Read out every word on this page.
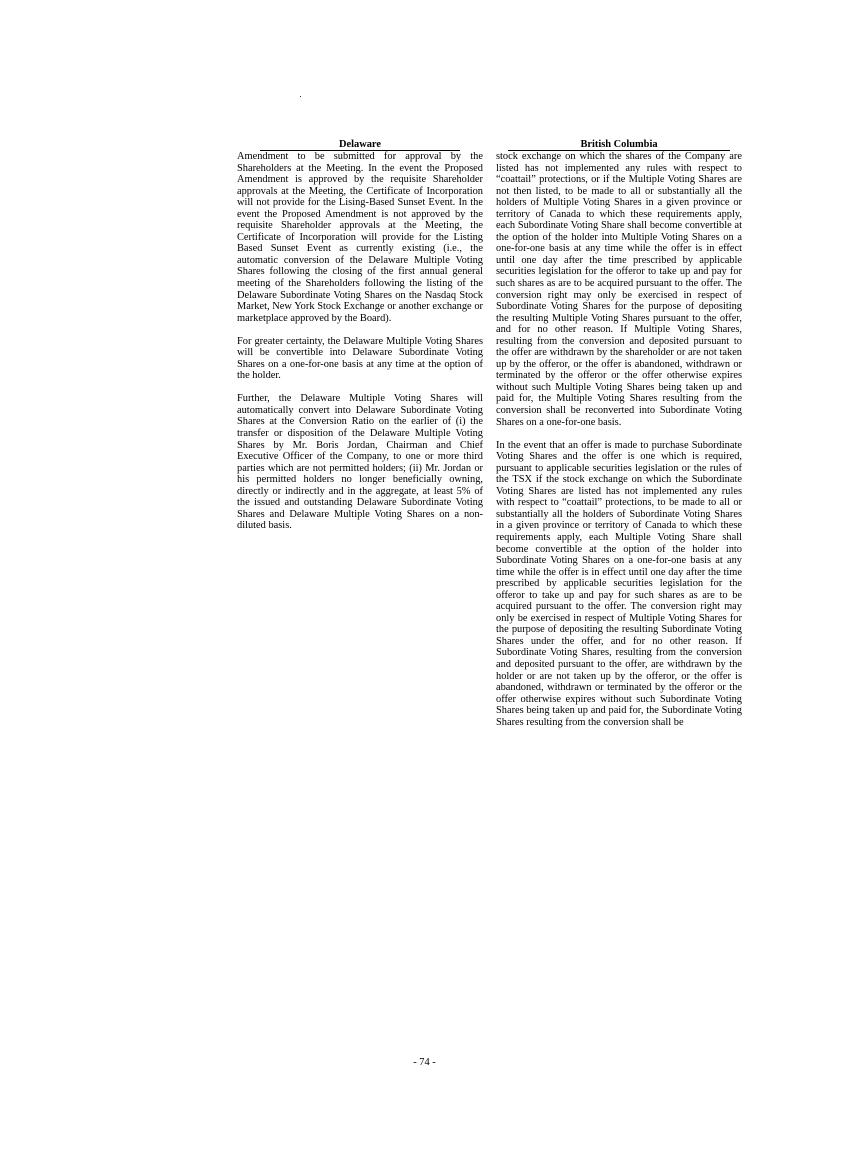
Delaware

Amendment to be submitted for approval by the Shareholders at the Meeting. In the event the Proposed Amendment is approved by the requisite Shareholder approvals at the Meeting, the Certificate of Incorporation will not provide for the Lising-Based Sunset Event. In the event the Proposed Amendment is not approved by the requisite Shareholder approvals at the Meeting, the Certificate of Incorporation will provide for the Listing Based Sunset Event as currently existing (i.e., the automatic conversion of the Delaware Multiple Voting Shares following the closing of the first annual general meeting of the Shareholders following the listing of the Delaware Subordinate Voting Shares on the Nasdaq Stock Market, New York Stock Exchange or another exchange or marketplace approved by the Board).

For greater certainty, the Delaware Multiple Voting Shares will be convertible into Delaware Subordinate Voting Shares on a one-for-one basis at any time at the option of the holder.

Further, the Delaware Multiple Voting Shares will automatically convert into Delaware Subordinate Voting Shares at the Conversion Ratio on the earlier of (i) the transfer or disposition of the Delaware Multiple Voting Shares by Mr. Boris Jordan, Chairman and Chief Executive Officer of the Company, to one or more third parties which are not permitted holders; (ii) Mr. Jordan or his permitted holders no longer beneficially owning, directly or indirectly and in the aggregate, at least 5% of the issued and outstanding Delaware Subordinate Voting Shares and Delaware Multiple Voting Shares on a non-diluted basis.

British Columbia

stock exchange on which the shares of the Company are listed has not implemented any rules with respect to “coattail” protections, or if the Multiple Voting Shares are not then listed, to be made to all or substantially all the holders of Multiple Voting Shares in a given province or territory of Canada to which these requirements apply, each Subordinate Voting Share shall become convertible at the option of the holder into Multiple Voting Shares on a one-for-one basis at any time while the offer is in effect until one day after the time prescribed by applicable securities legislation for the offeror to take up and pay for such shares as are to be acquired pursuant to the offer. The conversion right may only be exercised in respect of Subordinate Voting Shares for the purpose of depositing the resulting Multiple Voting Shares pursuant to the offer, and for no other reason. If Multiple Voting Shares, resulting from the conversion and deposited pursuant to the offer are withdrawn by the shareholder or are not taken up by the offeror, or the offer is abandoned, withdrawn or terminated by the offeror or the offer otherwise expires without such Multiple Voting Shares being taken up and paid for, the Multiple Voting Shares resulting from the conversion shall be reconverted into Subordinate Voting Shares on a one-for-one basis.

In the event that an offer is made to purchase Subordinate Voting Shares and the offer is one which is required, pursuant to applicable securities legislation or the rules of the TSX if the stock exchange on which the Subordinate Voting Shares are listed has not implemented any rules with respect to “coattail” protections, to be made to all or substantially all the holders of Subordinate Voting Shares in a given province or territory of Canada to which these requirements apply, each Multiple Voting Share shall become convertible at the option of the holder into Subordinate Voting Shares on a one-for-one basis at any time while the offer is in effect until one day after the time prescribed by applicable securities legislation for the offeror to take up and pay for such shares as are to be acquired pursuant to the offer. The conversion right may only be exercised in respect of Multiple Voting Shares for the purpose of depositing the resulting Subordinate Voting Shares under the offer, and for no other reason. If Subordinate Voting Shares, resulting from the conversion and deposited pursuant to the offer, are withdrawn by the holder or are not taken up by the offeror, or the offer is abandoned, withdrawn or terminated by the offeror or the offer otherwise expires without such Subordinate Voting Shares being taken up and paid for, the Subordinate Voting Shares resulting from the conversion shall be

- 74 -
